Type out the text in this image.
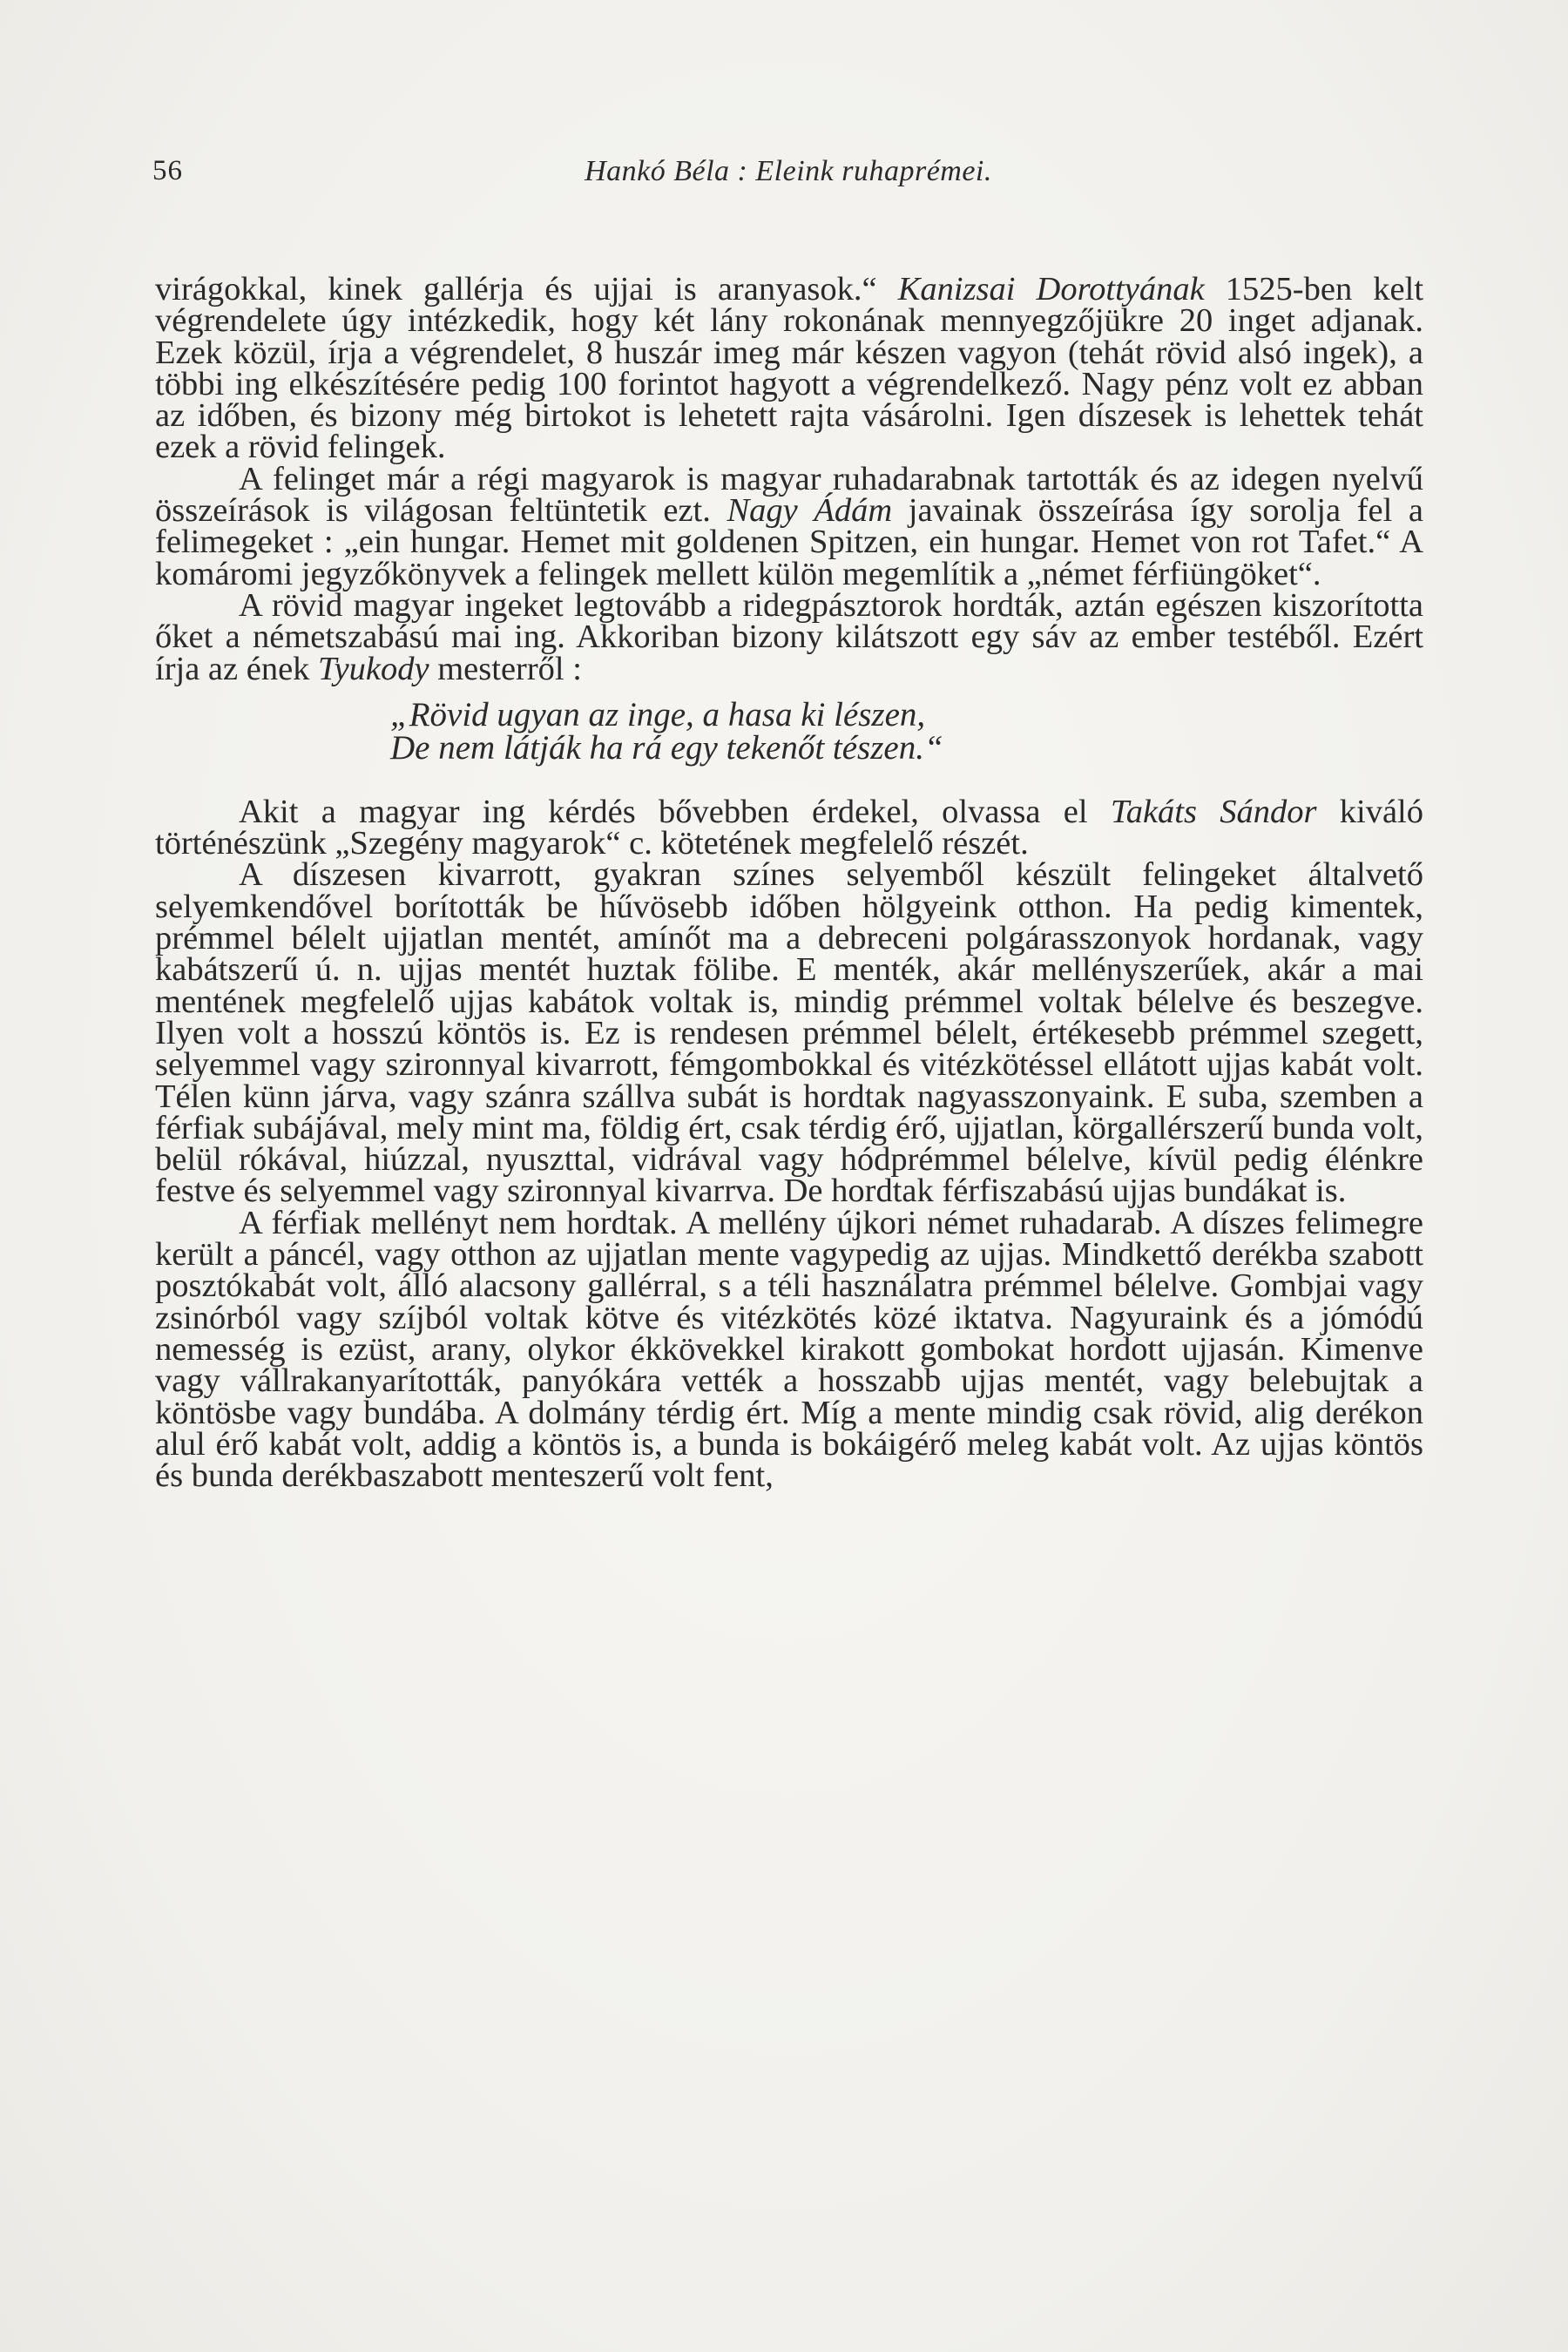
56	Hankó Béla : Eleink ruhaprémei.

virágokkal, kinek gallérja és ujjai is aranyasok.“ Kanizsai Dorottyának 1525-ben kelt végrendelete úgy intézkedik, hogy két lány rokonának mennyegzőjükre 20 inget adjanak. Ezek közül, írja a végrendelet, 8 huszár imeg már készen vagyon (tehát rövid alsó ingek), a többi ing elkészítésére pedig 100 forintot hagyott a végrendelkező. Nagy pénz volt ez abban az időben, és bizony még birtokot is lehetett rajta vásárolni. Igen díszesek is lehettek tehát ezek a rövid felingek.

A felinget már a régi magyarok is magyar ruhadarabnak tartották és az idegen nyelvű összeírások is világosan feltüntetik ezt. Nagy Ádám javainak összeírása így sorolja fel a felimegeket : „ein hungar. Hemet mit goldenen Spitzen, ein hungar. Hemet von rot Tafet.“ A komáromi jegyzőkönyvek a felingek mellett külön megemlítik a „német férfiüngöket“.

A rövid magyar ingeket legtovább a ridegpásztorok hordták, aztán egészen kiszorította őket a németszabású mai ing. Akkoriban bizony kilátszott egy sáv az ember testéből. Ezért írja az ének Tyukody mesterről :

„Rövid ugyan az inge, a hasa ki lészen,
De nem látják ha rá egy tekenőt tészen.“

Akit a magyar ing kérdés bővebben érdekel, olvassa el Takáts Sándor kiváló történészünk „Szegény magyarok“ c. kötetének megfelelő részét.

A díszesen kivarrott, gyakran színes selyemből készült felingeket általvető selyemkendővel borították be hűvösebb időben hölgyeink otthon. Ha pedig kimentek, prémmel bélelt ujjatlan mentét, amínőt ma a debreceni polgárasszonyok hordanak, vagy kabátszerű ú. n. ujjas mentét huztak fölibe. E menték, akár mellényszerűek, akár a mai mentének megfelelő ujjas kabátok voltak is, mindig prémmel voltak bélelve és beszegve. Ilyen volt a hosszú köntös is. Ez is rendesen prémmel bélelt, értékesebb prémmel szegett, selyemmel vagy szironnyal kivarrott, fémgombokkal és vitézkötéssel ellátott ujjas kabát volt. Télen künn járva, vagy szánra szállva subát is hordtak nagyasszonyaink. E suba, szemben a férfiak subájával, mely mint ma, földig ért, csak térdig érő, ujjatlan, körgallérszerű bunda volt, belül rókával, hiúzzal, nyuszttal, vidrával vagy hódprémmel bélelve, kívül pedig élénkre festve és selyemmel vagy szironnyal kivarrva. De hordtak férfiszabású ujjas bundákat is.

A férfiak mellényt nem hordtak. A mellény újkori német ruhadarab. A díszes felimegre került a páncél, vagy otthon az ujjatlan mente vagypedig az ujjas. Mindkettő derékba szabott posztókabát volt, álló alacsony gallérral, s a téli használatra prémmel bélelve. Gombjai vagy zsinórból vagy szíjból voltak kötve és vitézkötés közé iktatva. Nagyuraink és a jómódú nemesség is ezüst, arany, olykor ékkövekkel kirakott gombokat hordott ujjasán. Kimenve vagy vállrakanyarították, panyókára vették a hosszabb ujjas mentét, vagy belebujtak a köntösbe vagy bundába. A dolmány térdig ért. Míg a mente mindig csak rövid, alig derékon alul érő kabát volt, addig a köntös is, a bunda is bokáigérő meleg kabát volt. Az ujjas köntös és bunda derékbaszabott menteszerű volt fent,
